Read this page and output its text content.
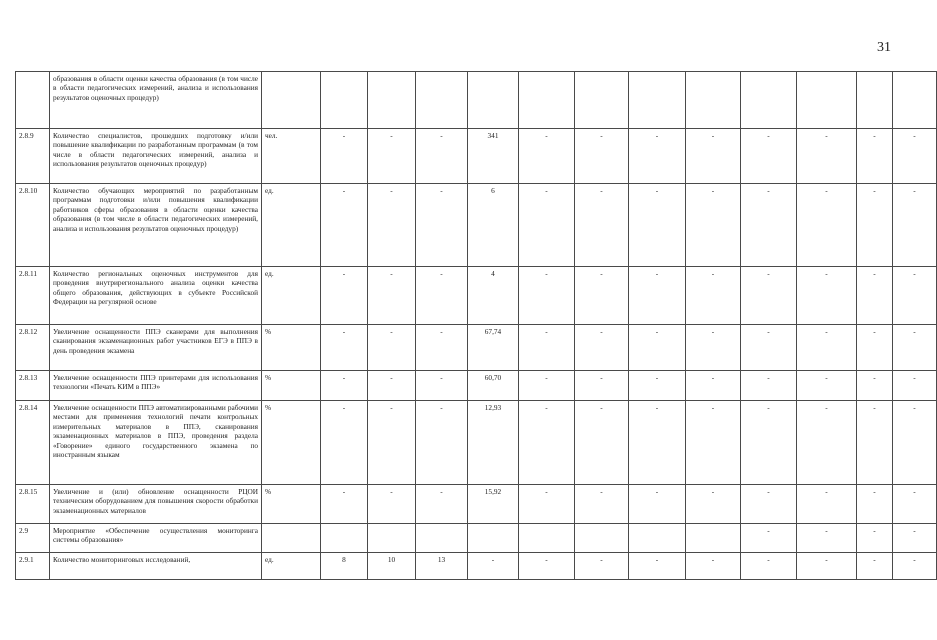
31
	образования в области оценки качества образования (в том числе в области педагогических измерений, анализа и использования результатов оценочных процедур)													
2.8.9	Количество специалистов, прошедших подготовку и/или повышение квалификации по разработанным программам (в том числе в области педагогических измерений, анализа и использования результатов оценочных процедур)	чел.	-	-	-	341	-	-	-	-	-	-	-	-
2.8.10	Количество обучающих мероприятий по разработанным программам подготовки и/или повышения квалификации работников сферы образования в области оценки качества образования (в том числе в области педагогических измерений, анализа и использования результатов оценочных процедур)	ед.	-	-	-	6	-	-	-	-	-	-	-	-
2.8.11	Количество региональных оценочных инструментов для проведения внутрирегионального анализа оценки качества общего образования, действующих в субъекте Российской Федерации на регулярной основе	ед.	-	-	-	4	-	-	-	-	-	-	-	-
2.8.12	Увеличение оснащенности ППЭ сканерами для выполнения сканирования экзаменационных работ участников ЕГЭ в ППЭ в день проведения экзамена	%	-	-	-	67,74	-	-	-	-	-	-	-	-
2.8.13	Увеличение оснащенности ППЭ принтерами для использования технологии «Печать КИМ в ППЭ»	%	-	-	-	60,70	-	-	-	-	-	-	-	-
2.8.14	Увеличение оснащенности ППЭ автоматизированными рабочими местами для применения технологий печати контрольных измерительных материалов в ППЭ, сканирования экзаменационных материалов в ППЭ, проведения раздела «Говорение» единого государственного экзамена по иностранным языкам	%	-	-	-	12,93	-	-	-	-	-	-	-	-
2.8.15	Увеличение и (или) обновление оснащенности РЦОИ техническим оборудованием для повышения скорости обработки экзаменационных материалов	%	-	-	-	15,92	-	-	-	-	-	-	-	-
2.9	Мероприятие «Обеспечение осуществления мониторинга системы образования»										-	-	-	-
2.9.1	Количество мониторинговых исследований,	ед.	8	10	13	-	-	-	-	-	-	-	-	-
